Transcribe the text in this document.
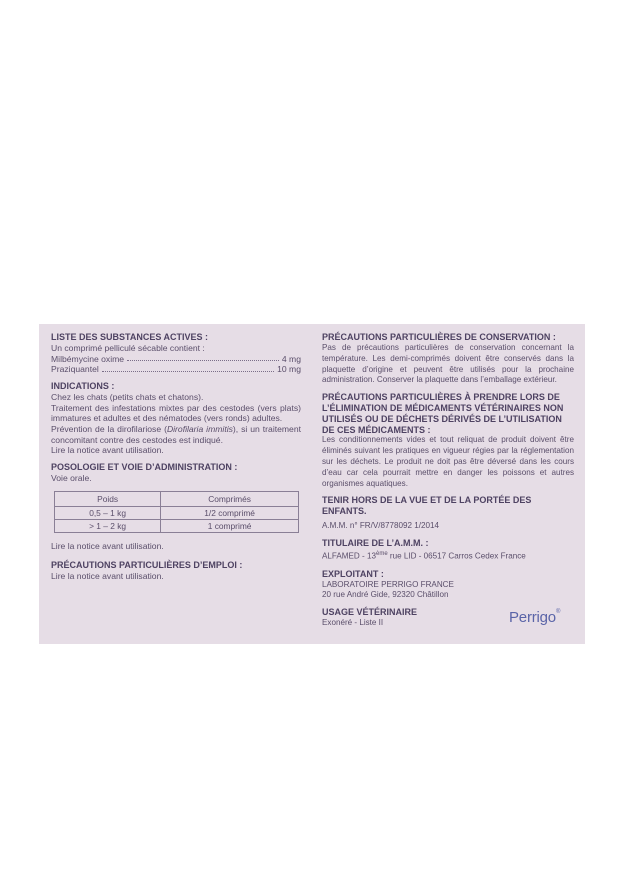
LISTE DES SUBSTANCES ACTIVES :

Un comprimé pelliculé sécable contient :

Milbémycine oxime	4 mg
Praziquantel	10 mg

INDICATIONS :

Chez les chats (petits chats et chatons).

Traitement des infestations mixtes par des cestodes (vers plats) immatures et adultes et des nématodes (vers ronds) adultes.

Prévention de la dirofilariose (Dirofilaria immitis), si un traitement concomitant contre des cestodes est indiqué.

Lire la notice avant utilisation.

POSOLOGIE ET VOIE D’ADMINISTRATION :

Voie orale.

Poids	Comprimés
0,5 – 1 kg	1/2 comprimé
> 1 – 2 kg	1 comprimé

Lire la notice avant utilisation.

PRÉCAUTIONS PARTICULIÈRES D’EMPLOI :

Lire la notice avant utilisation.

PRÉCAUTIONS PARTICULIÈRES DE CONSERVATION :

Pas de précautions particulières de conservation concernant la température. Les demi-comprimés doivent être conservés dans la plaquette d’origine et peuvent être utilisés pour la prochaine administration. Conserver la plaquette dans l’emballage extérieur.

PRÉCAUTIONS PARTICULIÈRES À PRENDRE LORS DE L’ÉLIMINATION DE MÉDICAMENTS VÉTÉRINAIRES NON UTILISÉS OU DE DÉCHETS DÉRIVÉS DE L’UTILISATION DE CES MÉDICAMENTS :

Les conditionnements vides et tout reliquat de produit doivent être éliminés suivant les pratiques en vigueur régies par la réglementation sur les déchets. Le produit ne doit pas être déversé dans les cours d’eau car cela pourrait mettre en danger les poissons et autres organismes aquatiques.

TENIR HORS DE LA VUE ET DE LA PORTÉE DES ENFANTS.

A.M.M. n° FR/V/8778092 1/2014

TITULAIRE DE L’A.M.M. :

ALFAMED - 13ème rue LID - 06517 Carros Cedex France

EXPLOITANT :

LABORATOIRE PERRIGO FRANCE

20 rue André Gide, 92320 Châtillon

USAGE VÉTÉRINAIRE

Exonéré - Liste II	Perrigo®
